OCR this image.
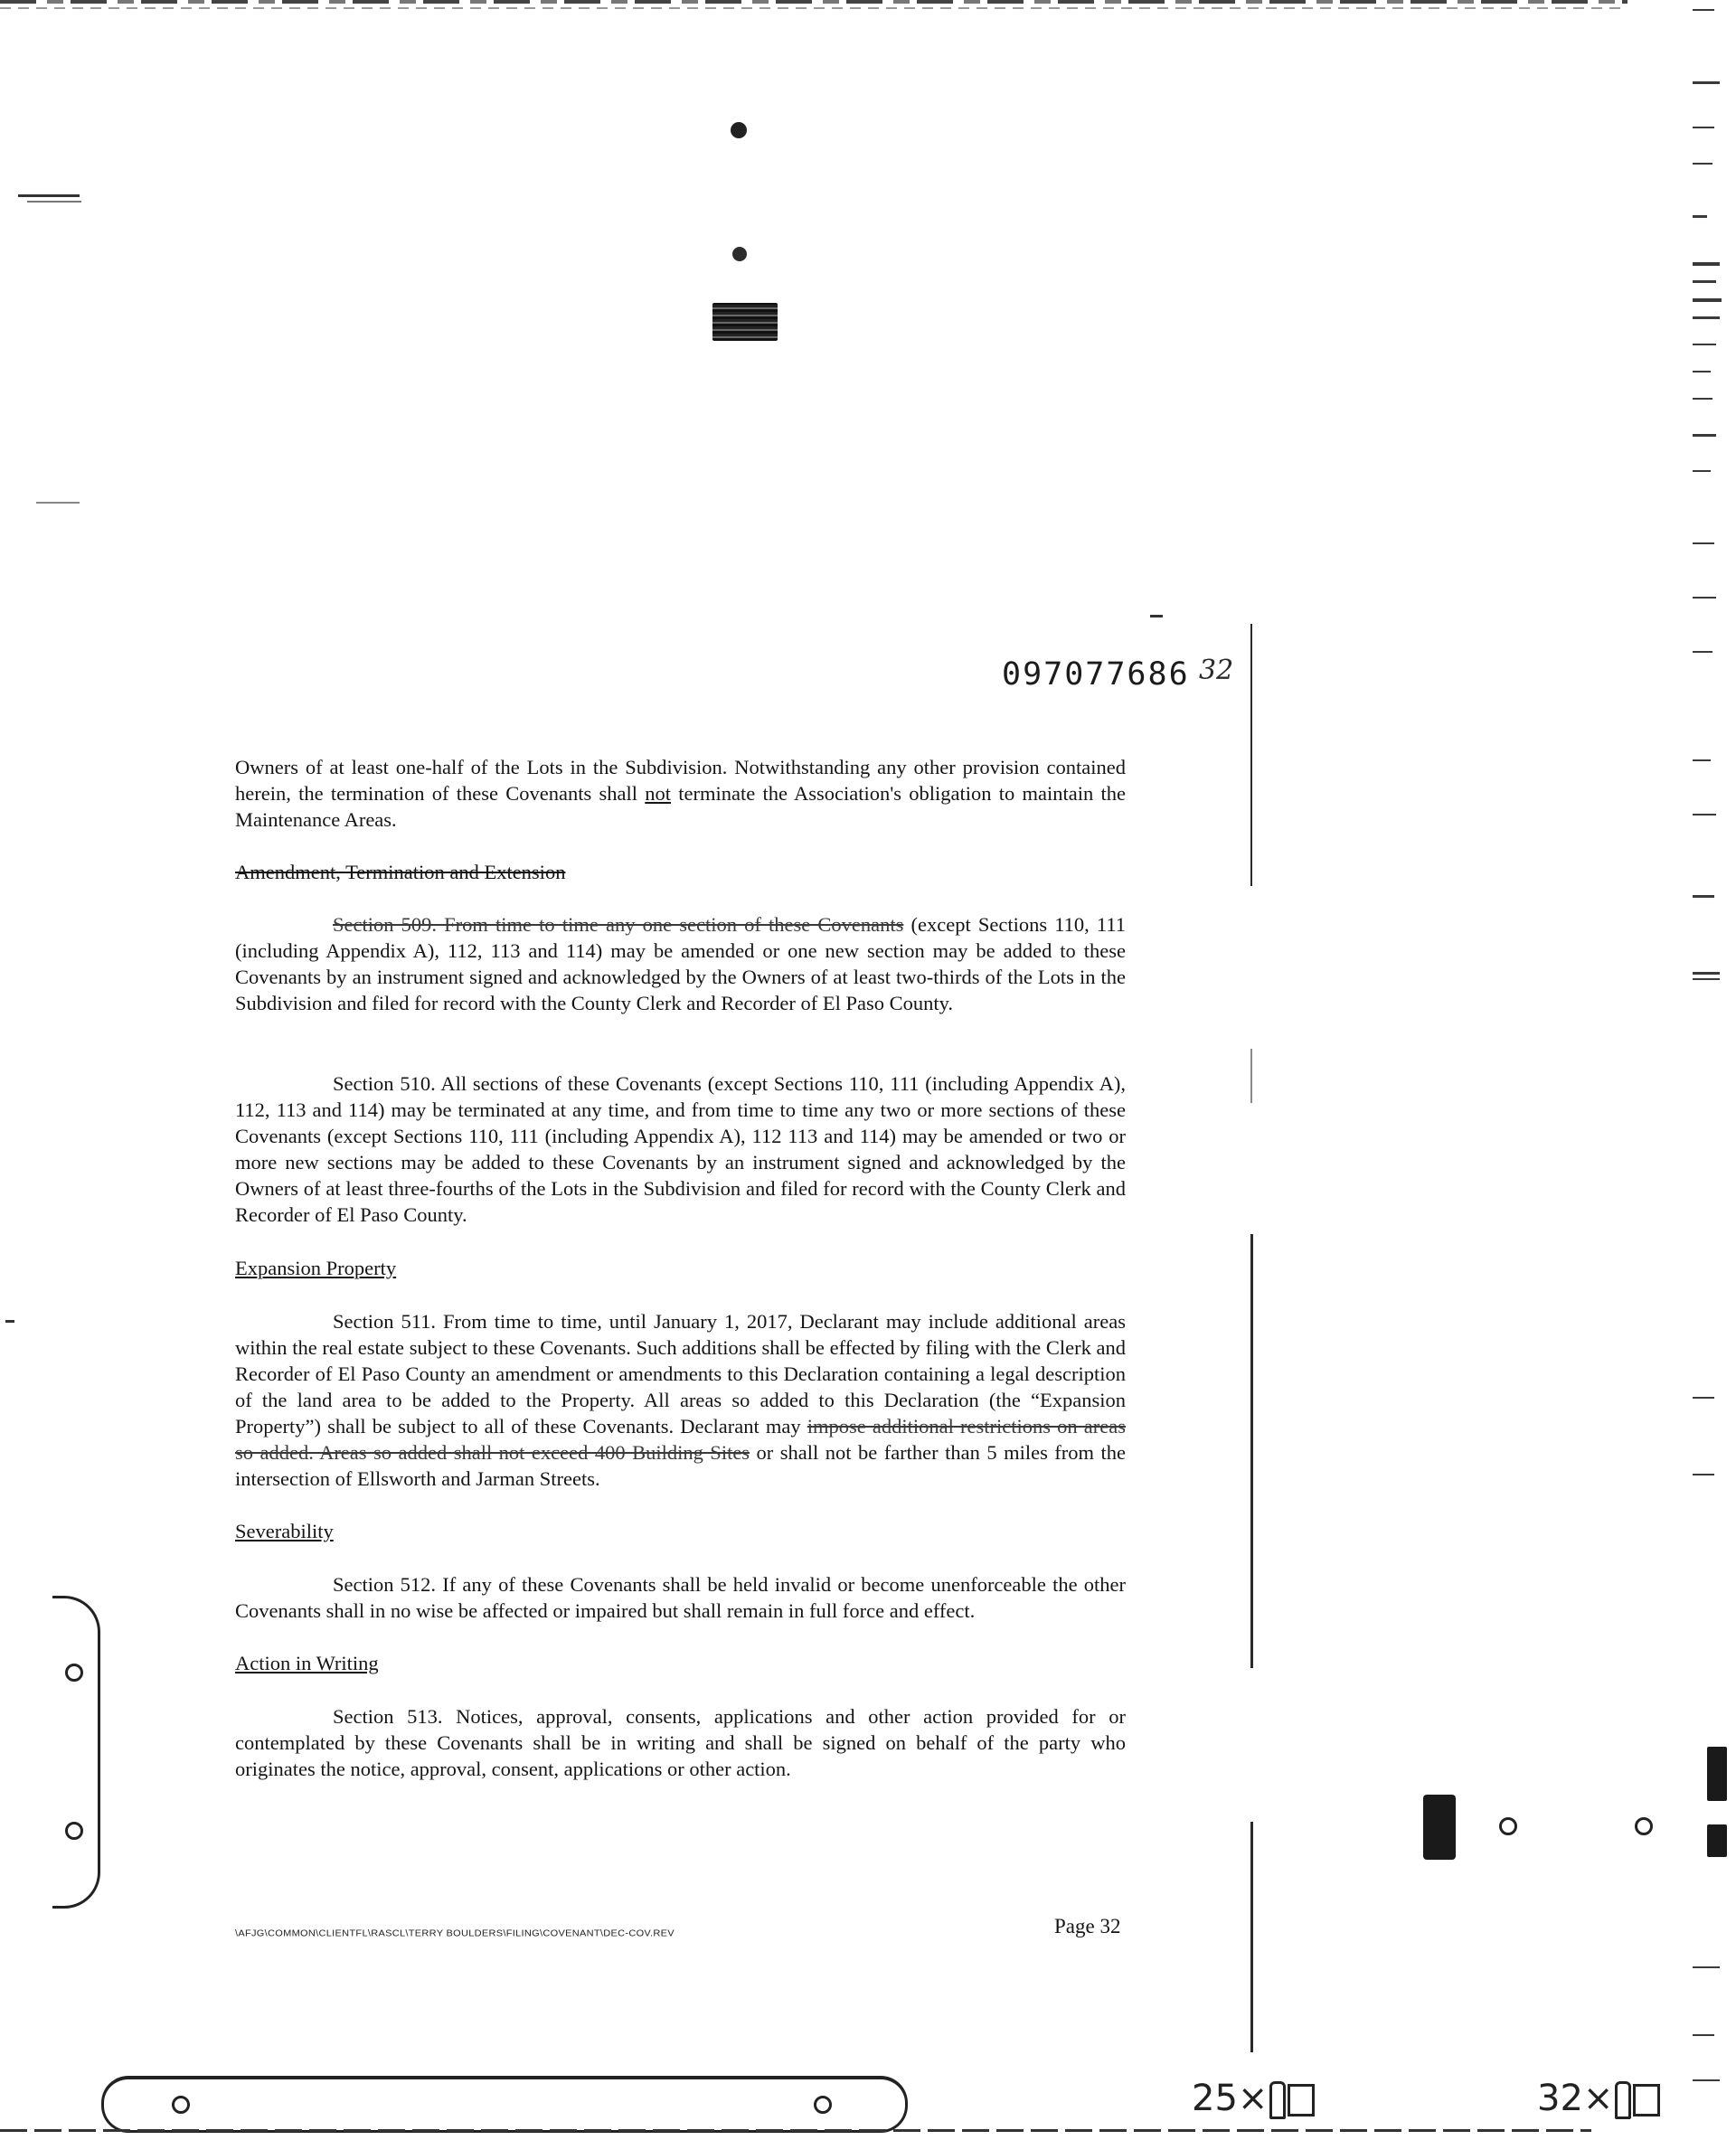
097077686 32

Owners of at least one-half of the Lots in the Subdivision. Notwithstanding any other provision contained herein, the termination of these Covenants shall not terminate the Association's obligation to maintain the Maintenance Areas.

Amendment, Termination and Extension

Section 509. From time to time any one section of these Covenants (except Sections 110, 111 (including Appendix A), 112, 113 and 114) may be amended or one new section may be added to these Covenants by an instrument signed and acknowledged by the Owners of at least two-thirds of the Lots in the Subdivision and filed for record with the County Clerk and Recorder of El Paso County.

Section 510. All sections of these Covenants (except Sections 110, 111 (including Appendix A), 112, 113 and 114) may be terminated at any time, and from time to time any two or more sections of these Covenants (except Sections 110, 111 (including Appendix A), 112 113 and 114) may be amended or two or more new sections may be added to these Covenants by an instrument signed and acknowledged by the Owners of at least three-fourths of the Lots in the Subdivision and filed for record with the County Clerk and Recorder of El Paso County.

Expansion Property

Section 511. From time to time, until January 1, 2017, Declarant may include additional areas within the real estate subject to these Covenants. Such additions shall be effected by filing with the Clerk and Recorder of El Paso County an amendment or amendments to this Declaration containing a legal description of the land area to be added to the Property. All areas so added to this Declaration (the “Expansion Property”) shall be subject to all of these Covenants. Declarant may impose additional restrictions on areas so added. Areas so added shall not exceed 400 Building Sites or shall not be farther than 5 miles from the intersection of Ellsworth and Jarman Streets.

Severability

Section 512. If any of these Covenants shall be held invalid or become unenforceable the other Covenants shall in no wise be affected or impaired but shall remain in full force and effect.

Action in Writing

Section 513. Notices, approval, consents, applications and other action provided for or contemplated by these Covenants shall be in writing and shall be signed on behalf of the party who originates the notice, approval, consent, applications or other action.

\AFJG\COMMON\CLIENTFL\RASCL\TERRY BOULDERS\FILING\COVENANT\DEC-COV.REV	Page 32
25×	32×
